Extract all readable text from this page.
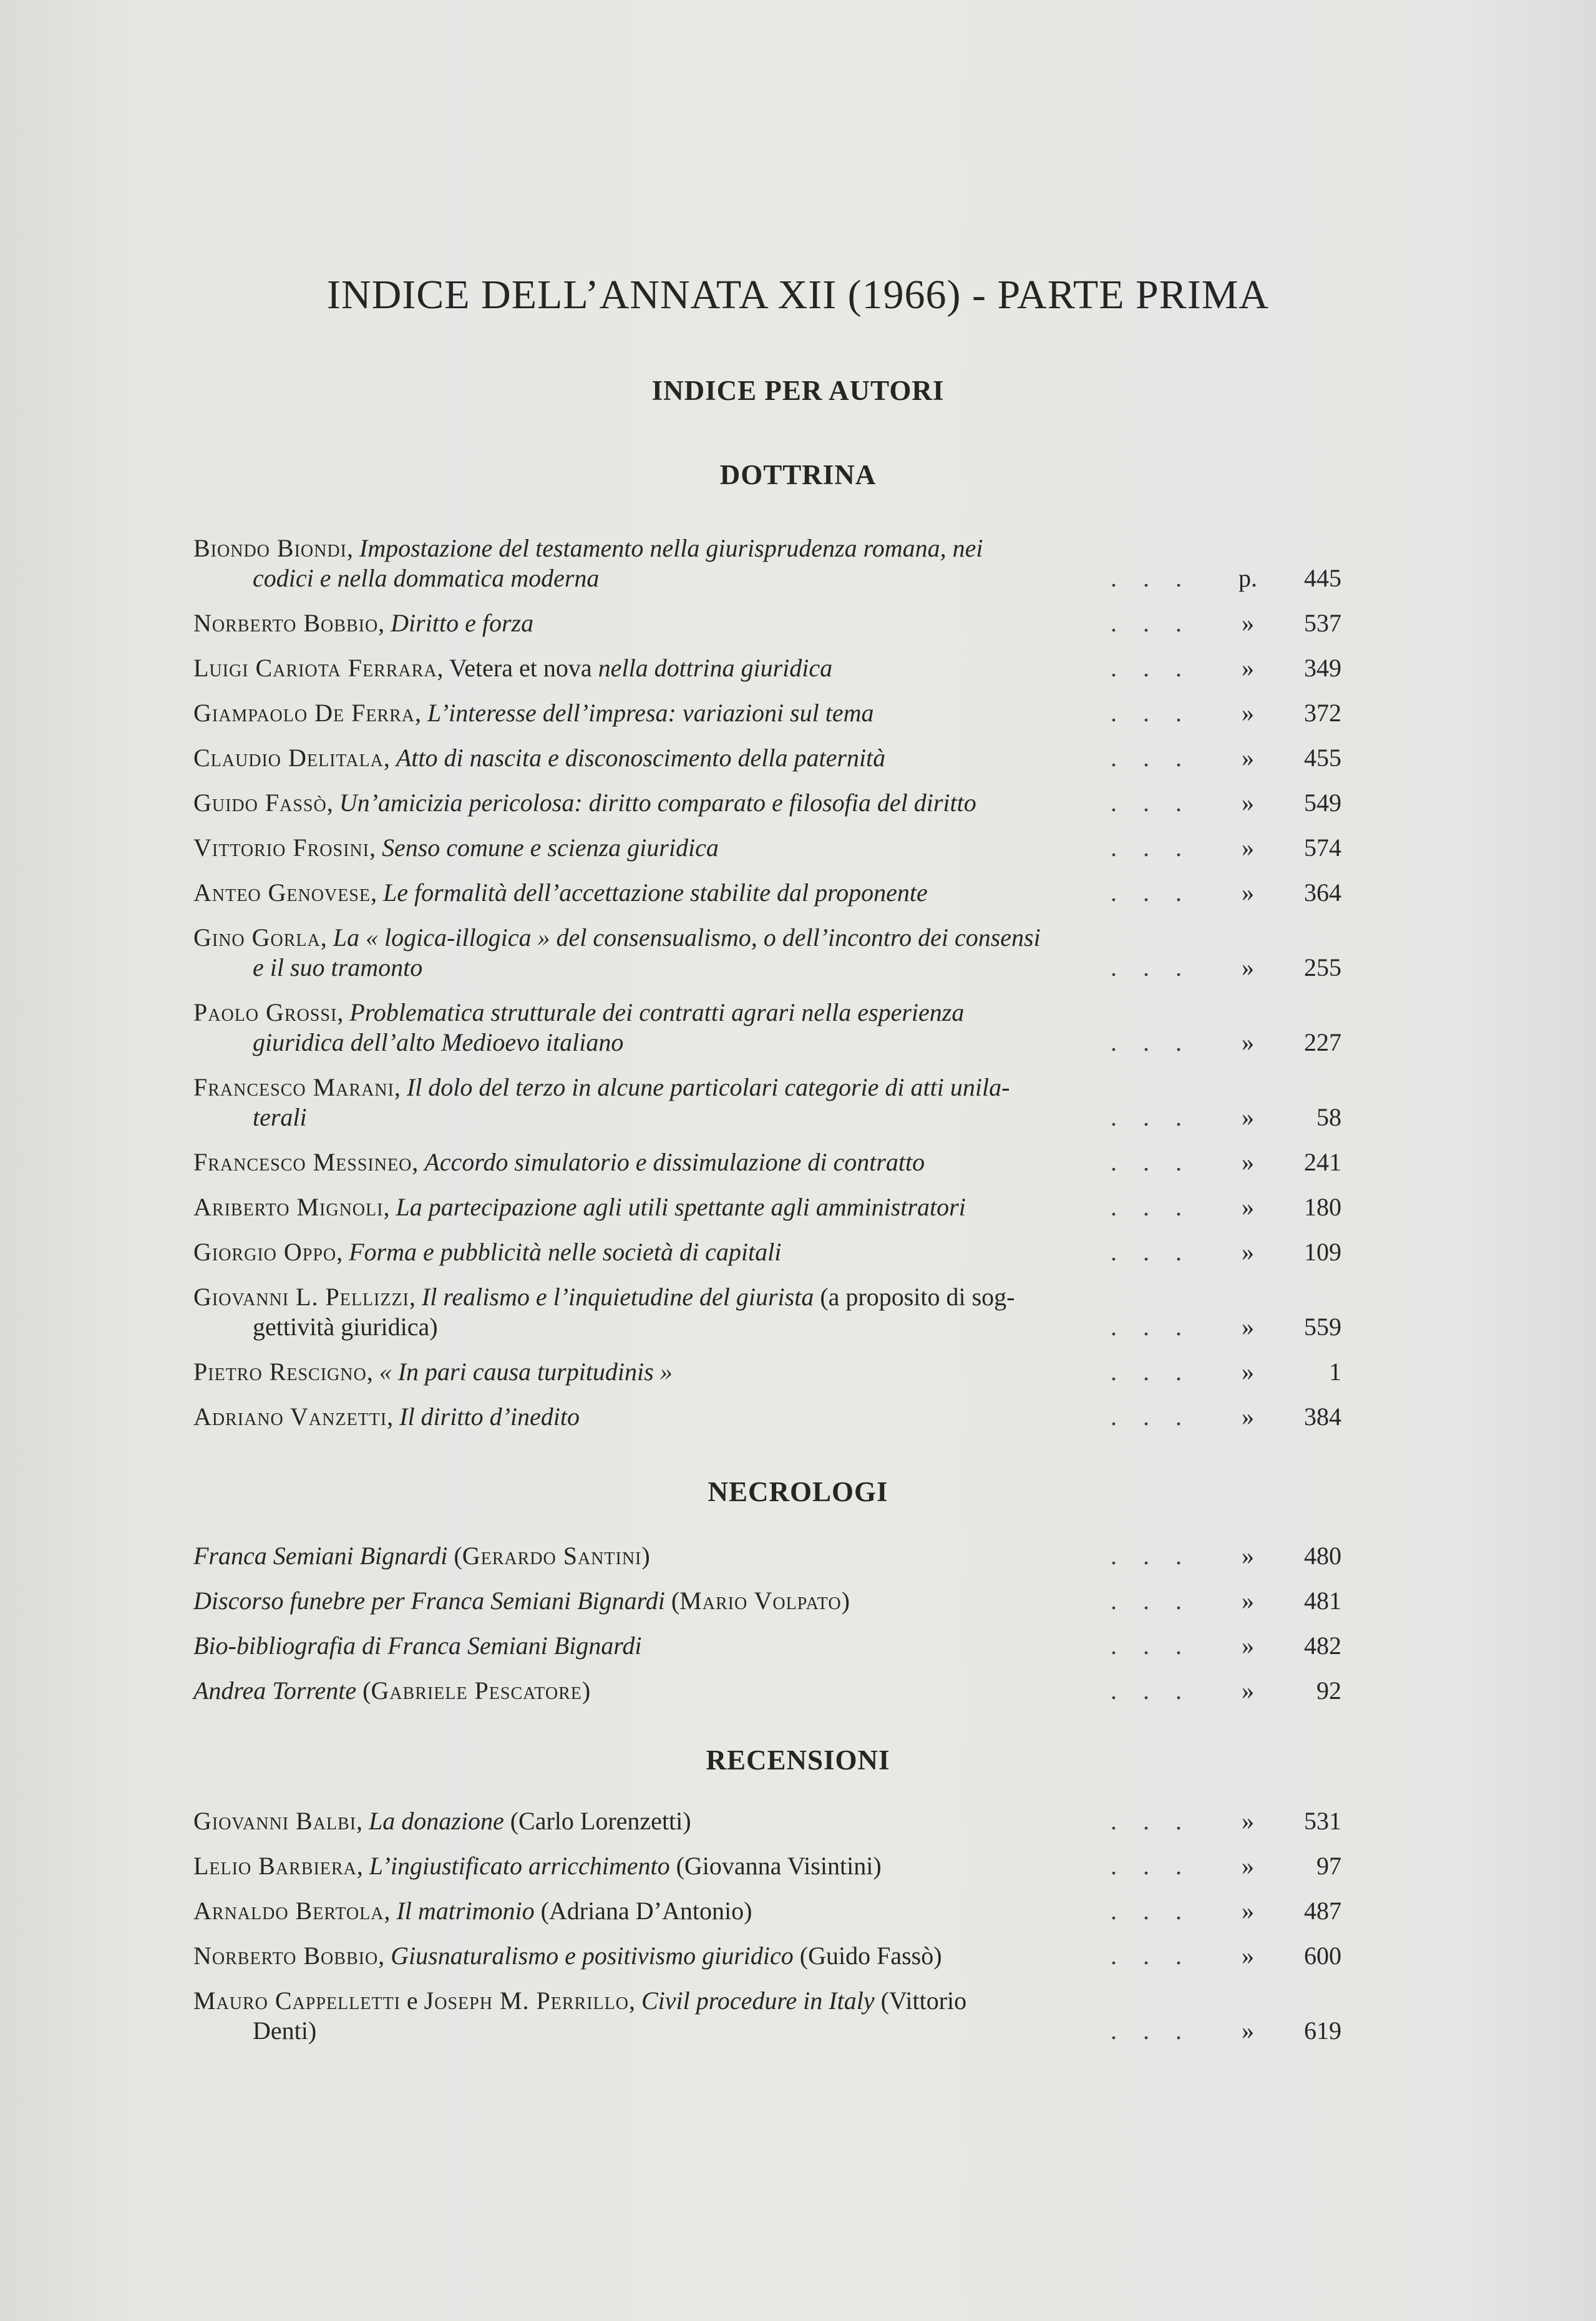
INDICE DELL’ANNATA XII (1966) - PARTE PRIMA
INDICE PER AUTORI
DOTTRINA
Biondo Biondi, Impostazione del testamento nella giurisprudenza romana, nei
codici e nella dommatica moderna	. . .	p.	445
Norberto Bobbio, Diritto e forza	. . .	»	537
Luigi Cariota Ferrara, Vetera et nova nella dottrina giuridica	. . .	»	349
Giampaolo De Ferra, L’interesse dell’impresa: variazioni sul tema	. . .	»	372
Claudio Delitala, Atto di nascita e disconoscimento della paternità	. . .	»	455
Guido Fassò, Un’amicizia pericolosa: diritto comparato e filosofia del diritto	. . .	»	549
Vittorio Frosini, Senso comune e scienza giuridica	. . .	»	574
Anteo Genovese, Le formalità dell’accettazione stabilite dal proponente	. . .	»	364
Gino Gorla, La « logica-illogica » del consensualismo, o dell’incontro dei consensi
e il suo tramonto	. . .	»	255
Paolo Grossi, Problematica strutturale dei contratti agrari nella esperienza
giuridica dell’alto Medioevo italiano	. . .	»	227
Francesco Marani, Il dolo del terzo in alcune particolari categorie di atti unila-
terali	. . .	»	58
Francesco Messineo, Accordo simulatorio e dissimulazione di contratto	. . .	»	241
Ariberto Mignoli, La partecipazione agli utili spettante agli amministratori	. . .	»	180
Giorgio Oppo, Forma e pubblicità nelle società di capitali	. . .	»	109
Giovanni L. Pellizzi, Il realismo e l’inquietudine del giurista (a proposito di sog-
gettività giuridica)	. . .	»	559
Pietro Rescigno, « In pari causa turpitudinis »	. . .	»	1
Adriano Vanzetti, Il diritto d’inedito	. . .	»	384
NECROLOGI
Franca Semiani Bignardi (Gerardo Santini)	. . .	»	480
Discorso funebre per Franca Semiani Bignardi (Mario Volpato)	. . .	»	481
Bio-bibliografia di Franca Semiani Bignardi	. . .	»	482
Andrea Torrente (Gabriele Pescatore)	. . .	»	92
RECENSIONI
Giovanni Balbi, La donazione (Carlo Lorenzetti)	. . .	»	531
Lelio Barbiera, L’ingiustificato arricchimento (Giovanna Visintini)	. . .	»	97
Arnaldo Bertola, Il matrimonio (Adriana D’Antonio)	. . .	»	487
Norberto Bobbio, Giusnaturalismo e positivismo giuridico (Guido Fassò)	. . .	»	600
Mauro Cappelletti e Joseph M. Perrillo, Civil procedure in Italy (Vittorio
Denti)	. . .	»	619
